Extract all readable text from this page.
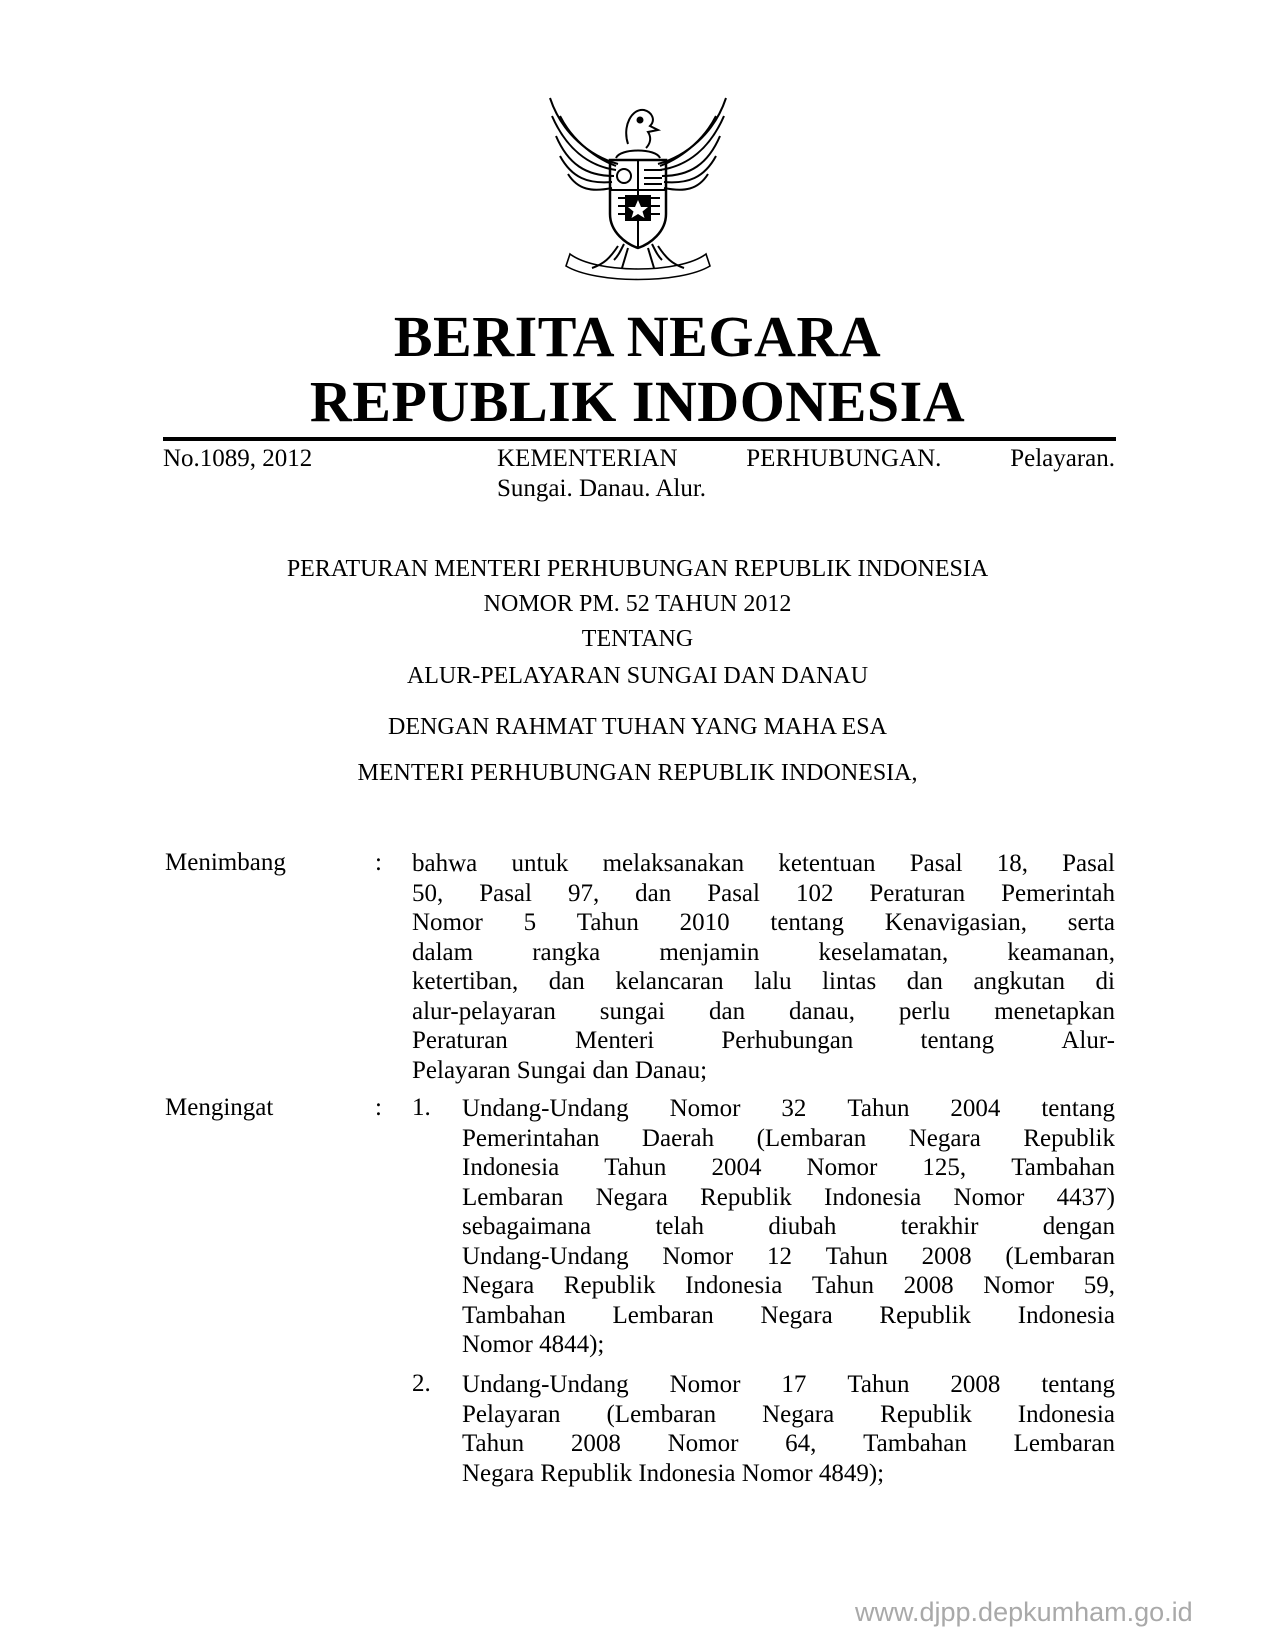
BERITA NEGARA
REPUBLIK INDONESIA
No.1089, 2012	KEMENTERIAN	PERHUBUNGAN.	Pelayaran.
Sungai. Danau. Alur.
PERATURAN MENTERI PERHUBUNGAN REPUBLIK INDONESIA
NOMOR PM. 52 TAHUN 2012
TENTANG
ALUR-PELAYARAN SUNGAI DAN DANAU
DENGAN RAHMAT TUHAN YANG MAHA ESA
MENTERI PERHUBUNGAN REPUBLIK INDONESIA,
Menimbang	: bahwa untuk melaksanakan ketentuan Pasal 18, Pasal
50, Pasal 97, dan Pasal 102 Peraturan Pemerintah
Nomor 5 Tahun 2010 tentang Kenavigasian, serta
dalam rangka menjamin keselamatan, keamanan,
ketertiban, dan kelancaran lalu lintas dan angkutan di
alur-pelayaran sungai dan danau, perlu menetapkan
Peraturan	Menteri	Perhubungan	tentang	Alur-
Pelayaran Sungai dan Danau;
Mengingat	: 1. Undang-Undang Nomor 32 Tahun 2004 tentang
Pemerintahan Daerah (Lembaran Negara Republik
Indonesia Tahun 2004 Nomor 125, Tambahan
Lembaran Negara Republik Indonesia Nomor 4437)
sebagaimana	telah	diubah	terakhir	dengan
Undang-Undang Nomor 12 Tahun 2008 (Lembaran
Negara Republik Indonesia Tahun 2008 Nomor 59,
Tambahan Lembaran Negara Republik Indonesia
Nomor 4844);
2. Undang-Undang Nomor 17 Tahun 2008 tentang
Pelayaran (Lembaran Negara Republik Indonesia
Tahun 2008 Nomor 64, Tambahan Lembaran
Negara Republik Indonesia Nomor 4849);
www.djpp.depkumham.go.id
